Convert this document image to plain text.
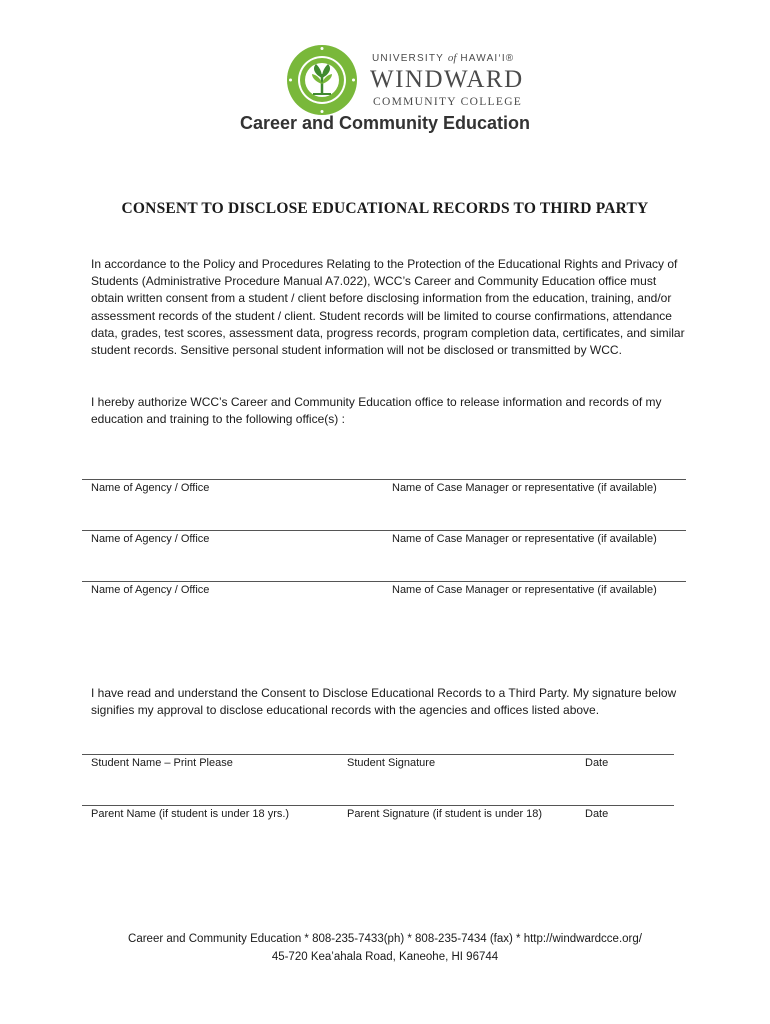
UNIVERSITY of HAWAI‘I®
WINDWARD
COMMUNITY COLLEGE
Career and Community Education
CONSENT TO DISCLOSE EDUCATIONAL RECORDS TO THIRD PARTY
In accordance to the Policy and Procedures Relating to the Protection of the Educational Rights and Privacy of Students (Administrative Procedure Manual A7.022), WCC’s Career and Community Education office must obtain written consent from a student / client before disclosing information from the education, training, and/or assessment records of the student / client. Student records will be limited to course confirmations, attendance data, grades, test scores, assessment data, progress records, program completion data, certificates, and similar student records. Sensitive personal student information will not be disclosed or transmitted by WCC.
I hereby authorize WCC’s Career and Community Education office to release information and records of my education and training to the following office(s) :
Name of Agency / Office	Name of Case Manager or representative (if available)
Name of Agency / Office	Name of Case Manager or representative (if available)
Name of Agency / Office	Name of Case Manager or representative (if available)
I have read and understand the Consent to Disclose Educational Records to a Third Party. My signature below signifies my approval to disclose educational records with the agencies and offices listed above.
Student Name – Print Please	Student Signature	Date
Parent Name (if student is under 18 yrs.)	Parent Signature (if student is under 18)	Date
Career and Community Education * 808-235-7433(ph) * 808-235-7434 (fax) * http://windwardcce.org/
45-720 Kea’ahala Road, Kaneohe, HI 96744
